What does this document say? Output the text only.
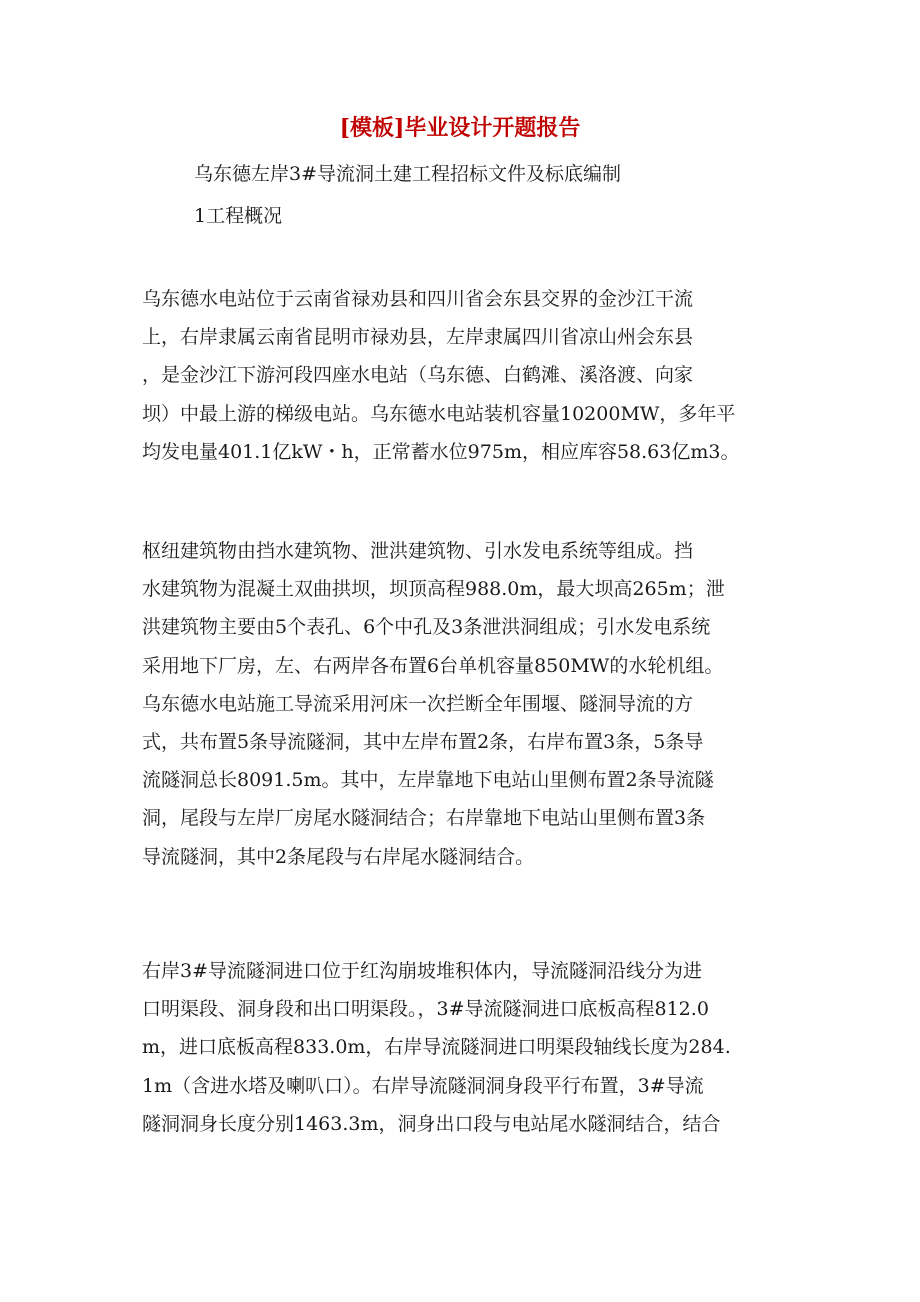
[模板]毕业设计开题报告

乌东德左岸3#导流洞土建工程招标文件及标底编制

1工程概况

乌东德水电站位于云南省禄劝县和四川省会东县交界的金沙江干流
上，右岸隶属云南省昆明市禄劝县，左岸隶属四川省凉山州会东县
，是金沙江下游河段四座水电站（乌东德、白鹤滩、溪洛渡、向家
坝）中最上游的梯级电站。乌东德水电站装机容量10200MW，多年平
均发电量401.1亿kW・h，正常蓄水位975m，相应库容58.63亿m3。
枢纽建筑物由挡水建筑物、泄洪建筑物、引水发电系统等组成。挡
水建筑物为混凝土双曲拱坝，坝顶高程988.0m，最大坝高265m；泄
洪建筑物主要由5个表孔、6个中孔及3条泄洪洞组成；引水发电系统
采用地下厂房，左、右两岸各布置6台单机容量850MW的水轮机组。
乌东德水电站施工导流采用河床一次拦断全年围堰、隧洞导流的方
式，共布置5条导流隧洞，其中左岸布置2条，右岸布置3条，5条导
流隧洞总长8091.5m。其中，左岸靠地下电站山里侧布置2条导流隧
洞，尾段与左岸厂房尾水隧洞结合；右岸靠地下电站山里侧布置3条
导流隧洞，其中2条尾段与右岸尾水隧洞结合。
右岸3#导流隧洞进口位于红沟崩坡堆积体内，导流隧洞沿线分为进
口明渠段、洞身段和出口明渠段。，3#导流隧洞进口底板高程812.0
m，进口底板高程833.0m，右岸导流隧洞进口明渠段轴线长度为284.
1m（含进水塔及喇叭口）。右岸导流隧洞洞身段平行布置，3#导流
隧洞洞身长度分别1463.3m，洞身出口段与电站尾水隧洞结合，结合
